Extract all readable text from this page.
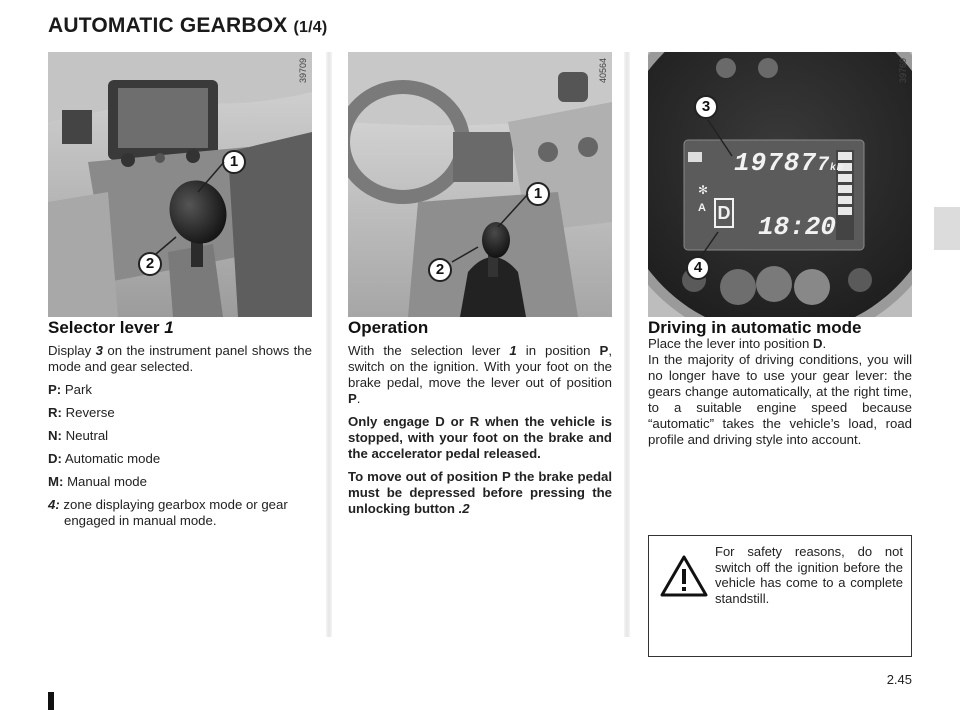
AUTOMATIC GEARBOX (1/4)
39709
1
2
40564
1
2
✻
197877km
18:20
A D
39769
3
4
Selector lever 1

Display 3 on the instrument panel shows the mode and gear selected.

P: Park
R: Reverse
N: Neutral
D: Automatic mode
M: Manual mode
4: zone displaying gearbox mode or gear engaged in manual mode.
Operation

With the selection lever 1 in position P, switch on the ignition. With your foot on the brake pedal, move the lever out of position P.

Only engage D or R when the vehicle is stopped, with your foot on the brake and the accelerator pedal released.

To move out of position P the brake pedal must be depressed before pressing the unlocking button .2

Driving in automatic mode

Place the lever into position D.

In the majority of driving conditions, you will no longer have to use your gear lever: the gears change automatically, at the right time, to a suitable engine speed because “automatic” takes the vehicle’s load, road profile and driving style into account.

For safety reasons, do not switch off the ignition before the vehicle has come to a complete standstill.
2.45
